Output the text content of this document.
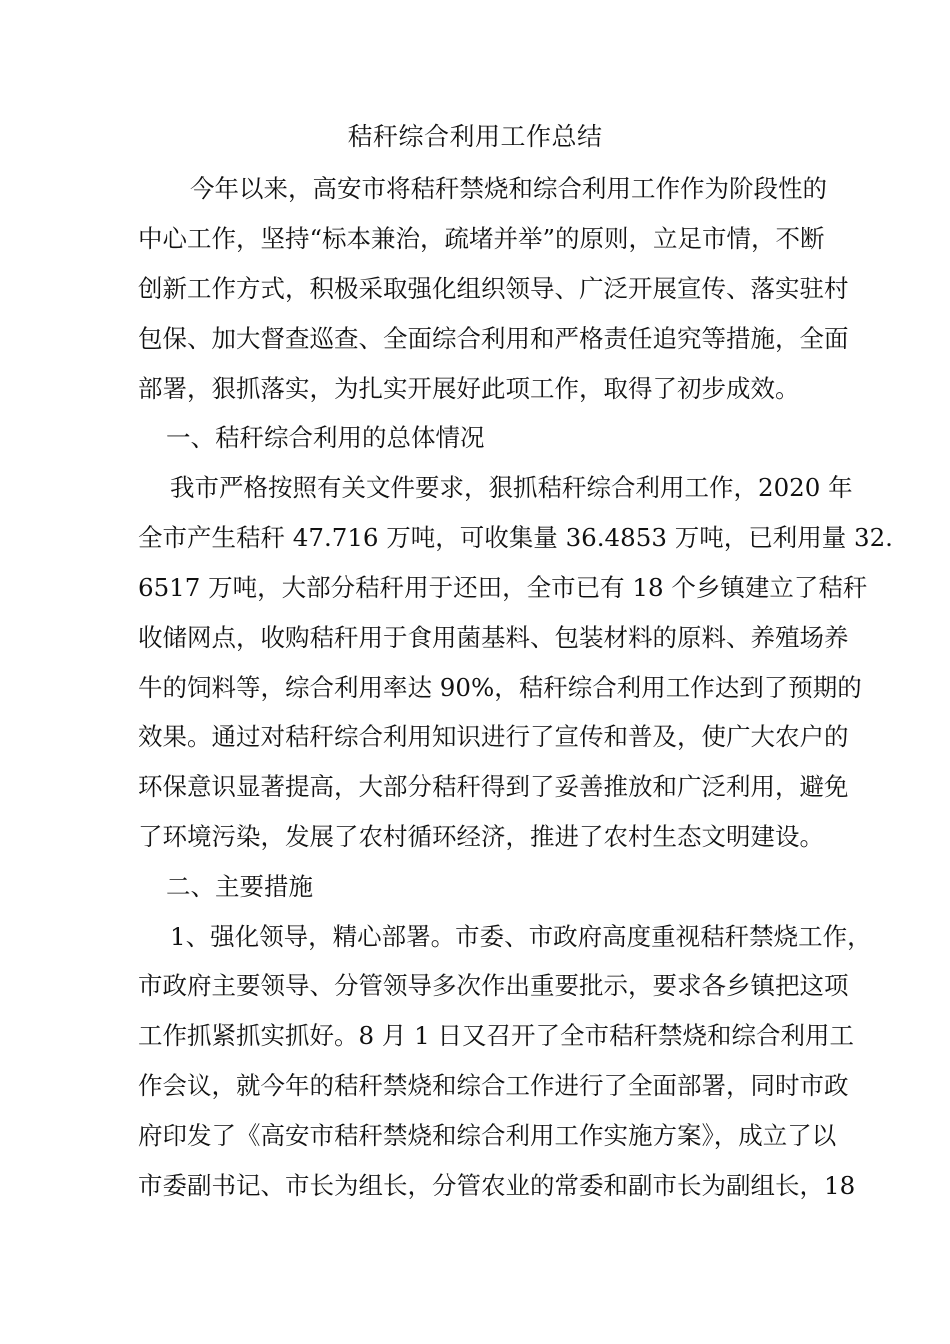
秸秆综合利用工作总结
今年以来，高安市将秸秆禁烧和综合利用工作作为阶段性的
中心工作，坚持“标本兼治，疏堵并举”的原则，立足市情，不断
创新工作方式，积极采取强化组织领导、广泛开展宣传、落实驻村
包保、加大督查巡查、全面综合利用和严格责任追究等措施，全面
部署，狠抓落实，为扎实开展好此项工作，取得了初步成效。
一、秸秆综合利用的总体情况
我市严格按照有关文件要求，狠抓秸秆综合利用工作，2020 年
全市产生秸秆 47.716 万吨，可收集量 36.4853 万吨，已利用量 32.
6517 万吨，大部分秸秆用于还田，全市已有 18 个乡镇建立了秸秆
收储网点，收购秸秆用于食用菌基料、包装材料的原料、养殖场养
牛的饲料等，综合利用率达 90%，秸秆综合利用工作达到了预期的
效果。通过对秸秆综合利用知识进行了宣传和普及，使广大农户的
环保意识显著提高，大部分秸秆得到了妥善推放和广泛利用，避免
了环境污染，发展了农村循环经济，推进了农村生态文明建设。
二、主要措施
1、强化领导，精心部署。市委、市政府高度重视秸秆禁烧工作，
市政府主要领导、分管领导多次作出重要批示，要求各乡镇把这项
工作抓紧抓实抓好。8 月 1 日又召开了全市秸秆禁烧和综合利用工
作会议，就今年的秸秆禁烧和综合工作进行了全面部署，同时市政
府印发了《高安市秸秆禁烧和综合利用工作实施方案》，成立了以
市委副书记、市长为组长，分管农业的常委和副市长为副组长，18
